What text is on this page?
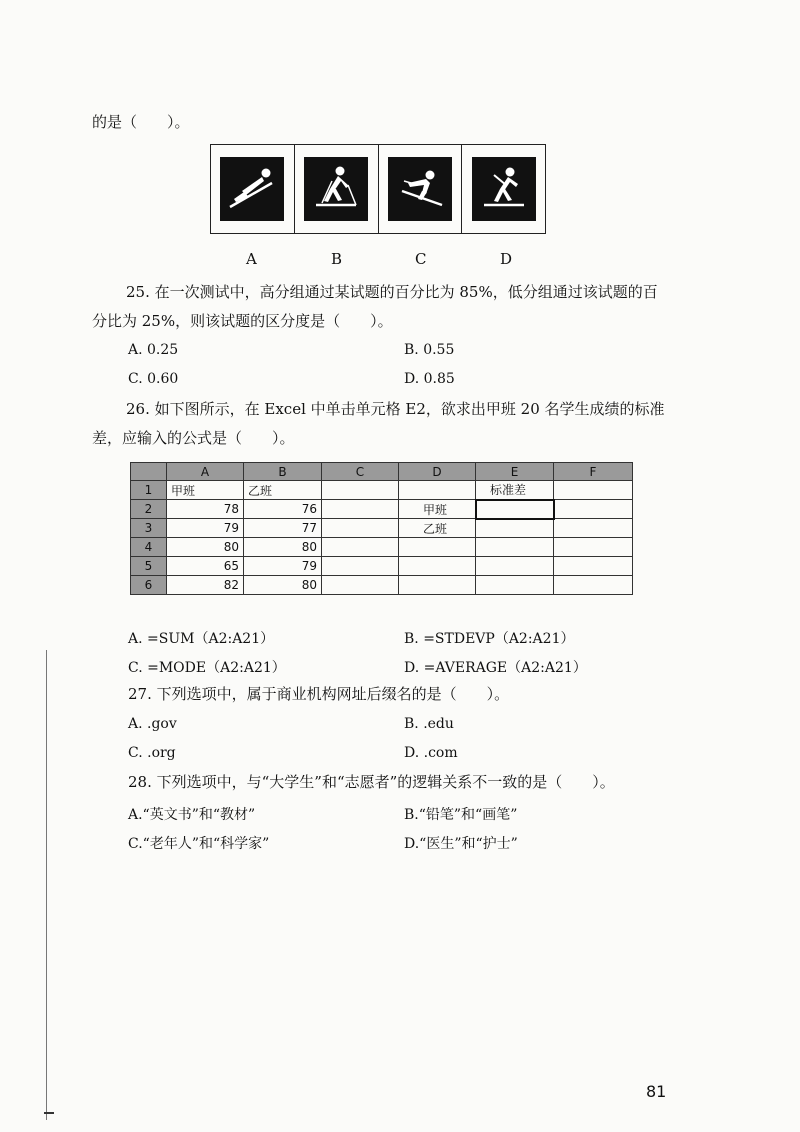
的是（　　）。
A	B	C	D
25. 在一次测试中，高分组通过某试题的百分比为 85%，低分组通过该试题的百
分比为 25%，则该试题的区分度是（　　）。
A. 0.25	B. 0.55
C. 0.60	D. 0.85
26. 如下图所示，在 Excel 中单击单元格 E2，欲求出甲班 20 名学生成绩的标准
差，应输入的公式是（　　）。
	A	B	C	D	E	F
1	甲班	乙班			标准差	
2	78	76		甲班		
3	79	77		乙班		
4	80	80				
5	65	79				
6	82	80				
A. =SUM（A2:A21）	B. =STDEVP（A2:A21）
C. =MODE（A2:A21）	D. =AVERAGE（A2:A21）
27. 下列选项中，属于商业机构网址后缀名的是（　　）。
A. .gov	B. .edu
C. .org	D. .com
28. 下列选项中，与“大学生”和“志愿者”的逻辑关系不一致的是（　　）。
A.“英文书”和“教材”	B.“铅笔”和“画笔”
C.“老年人”和“科学家”	D.“医生”和“护士”
81
